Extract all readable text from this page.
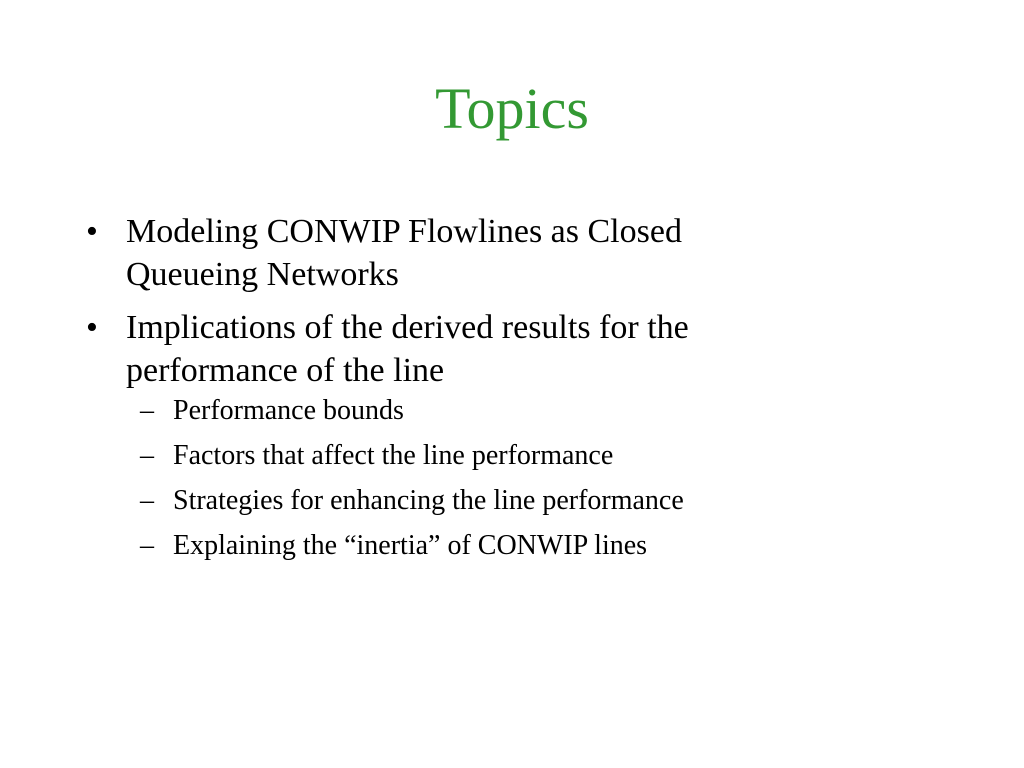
Topics
• Modeling CONWIP Flowlines as Closed Queueing Networks
• Implications of the derived results for the performance of the line
– Performance bounds
– Factors that affect the line performance
– Strategies for enhancing the line performance
– Explaining the “inertia” of CONWIP lines
